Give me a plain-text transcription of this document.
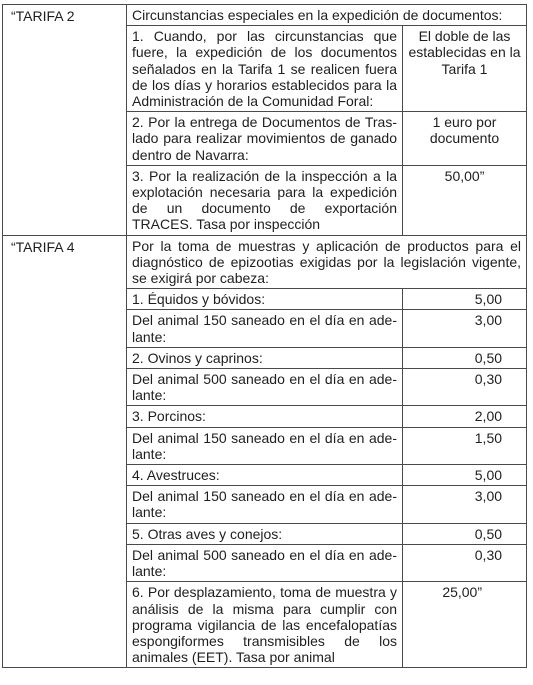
“TARIFA 2	Circunstancias especiales en la expedición de documentos:	
	1. Cuando, por las circunstancias que fuere, la expedición de los documentos señalados en la Tarifa 1 se realicen fuera de los días y horarios establecidos para la Administración de la Comunidad Foral:	El doble de las establecidas en la Tarifa 1
	2. Por la entrega de Documentos de Traslado para realizar movimientos de ganado dentro de Navarra:	1 euro por documento
	3. Por la realización de la inspección a la explotación necesaria para la expedición de un documento de exportación TRACES. Tasa por inspección	50,00”
“TARIFA 4	Por la toma de muestras y aplicación de productos para el diagnóstico de epizootias exigidas por la legislación vigente, se exigirá por cabeza:	
	1. Équidos y bóvidos:	5,00
	Del animal 150 saneado en el día en adelante:	3,00
	2. Ovinos y caprinos:	0,50
	Del animal 500 saneado en el día en adelante:	0,30
	3. Porcinos:	2,00
	Del animal 150 saneado en el día en adelante:	1,50
	4. Avestruces:	5,00
	Del animal 150 saneado en el día en adelante:	3,00
	5. Otras aves y conejos:	0,50
	Del animal 500 saneado en el día en adelante:	0,30
	6. Por desplazamiento, toma de muestra y análisis de la misma para cumplir con programa vigilancia de las encefalopatías espongiformes transmisibles de los animales (EET). Tasa por animal	25,00”
